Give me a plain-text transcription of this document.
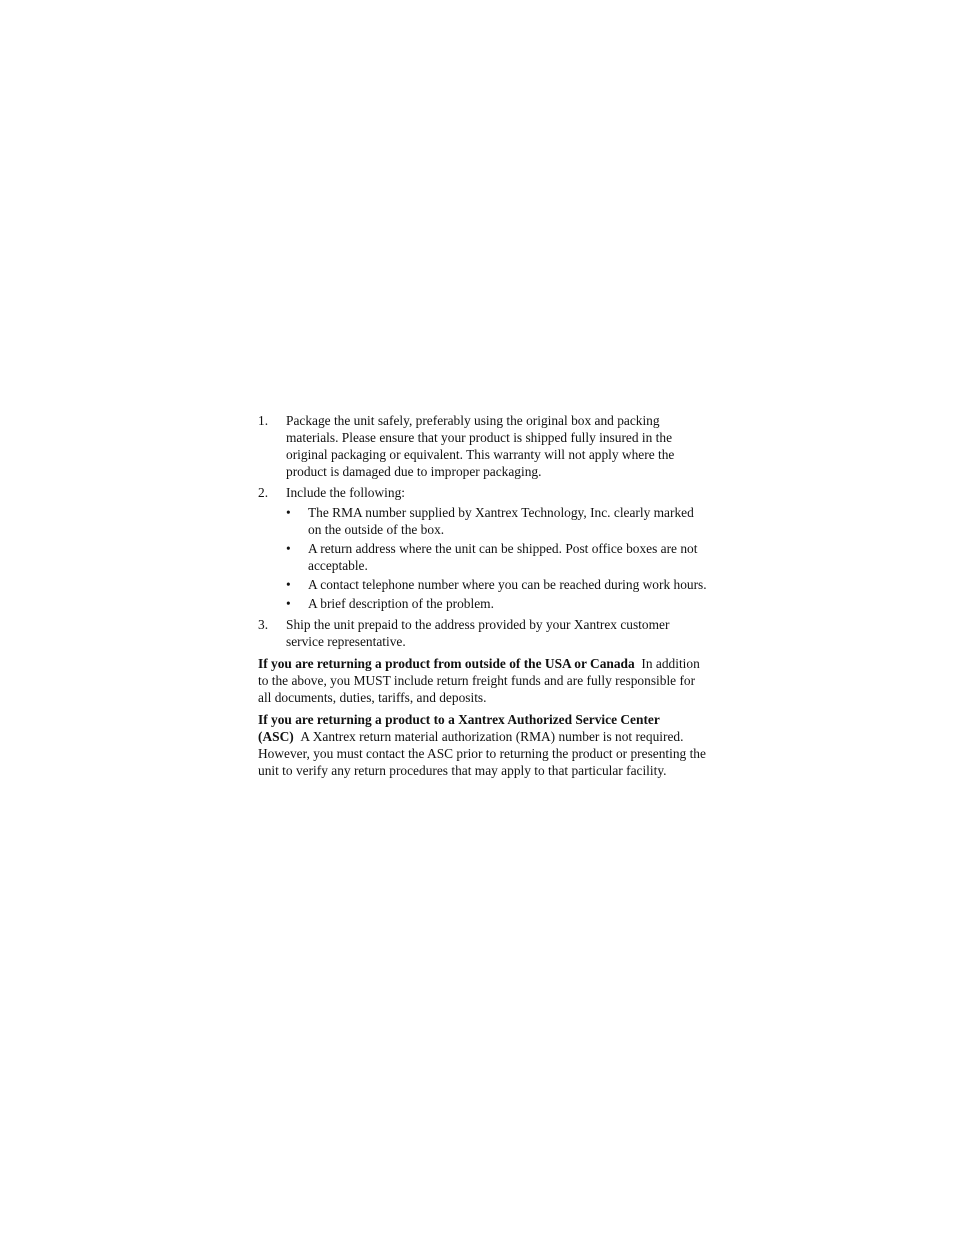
1. Package the unit safely, preferably using the original box and packing materials. Please ensure that your product is shipped fully insured in the original packaging or equivalent. This warranty will not apply where the product is damaged due to improper packaging.
2. Include the following:
• The RMA number supplied by Xantrex Technology, Inc. clearly marked on the outside of the box.
• A return address where the unit can be shipped. Post office boxes are not acceptable.
• A contact telephone number where you can be reached during work hours.
• A brief description of the problem.
3. Ship the unit prepaid to the address provided by your Xantrex customer service representative.
If you are returning a product from outside of the USA or Canada In addition to the above, you MUST include return freight funds and are fully responsible for all documents, duties, tariffs, and deposits.
If you are returning a product to a Xantrex Authorized Service Center (ASC) A Xantrex return material authorization (RMA) number is not required. However, you must contact the ASC prior to returning the product or presenting the unit to verify any return procedures that may apply to that particular facility.
